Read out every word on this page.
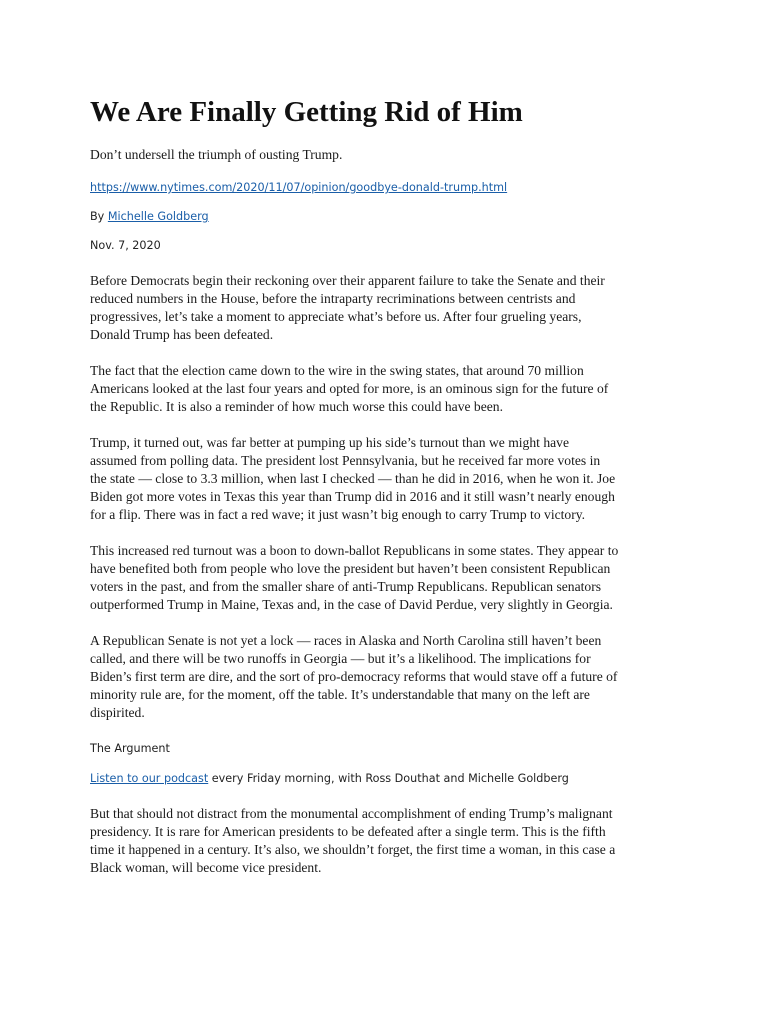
We Are Finally Getting Rid of Him

Don’t undersell the triumph of ousting Trump.

https://www.nytimes.com/2020/11/07/opinion/goodbye-donald-trump.html

By Michelle Goldberg

Nov. 7, 2020

Before Democrats begin their reckoning over their apparent failure to take the Senate and their
reduced numbers in the House, before the intraparty recriminations between centrists and
progressives, let’s take a moment to appreciate what’s before us. After four grueling years,
Donald Trump has been defeated.

The fact that the election came down to the wire in the swing states, that around 70 million
Americans looked at the last four years and opted for more, is an ominous sign for the future of
the Republic. It is also a reminder of how much worse this could have been.

Trump, it turned out, was far better at pumping up his side’s turnout than we might have
assumed from polling data. The president lost Pennsylvania, but he received far more votes in
the state — close to 3.3 million, when last I checked — than he did in 2016, when he won it. Joe
Biden got more votes in Texas this year than Trump did in 2016 and it still wasn’t nearly enough
for a flip. There was in fact a red wave; it just wasn’t big enough to carry Trump to victory.

This increased red turnout was a boon to down-ballot Republicans in some states. They appear to
have benefited both from people who love the president but haven’t been consistent Republican
voters in the past, and from the smaller share of anti-Trump Republicans. Republican senators
outperformed Trump in Maine, Texas and, in the case of David Perdue, very slightly in Georgia.

A Republican Senate is not yet a lock — races in Alaska and North Carolina still haven’t been
called, and there will be two runoffs in Georgia — but it’s a likelihood. The implications for
Biden’s first term are dire, and the sort of pro-democracy reforms that would stave off a future of
minority rule are, for the moment, off the table. It’s understandable that many on the left are
dispirited.

The Argument

Listen to our podcast every Friday morning, with Ross Douthat and Michelle Goldberg

But that should not distract from the monumental accomplishment of ending Trump’s malignant
presidency. It is rare for American presidents to be defeated after a single term. This is the fifth
time it happened in a century. It’s also, we shouldn’t forget, the first time a woman, in this case a
Black woman, will become vice president.
